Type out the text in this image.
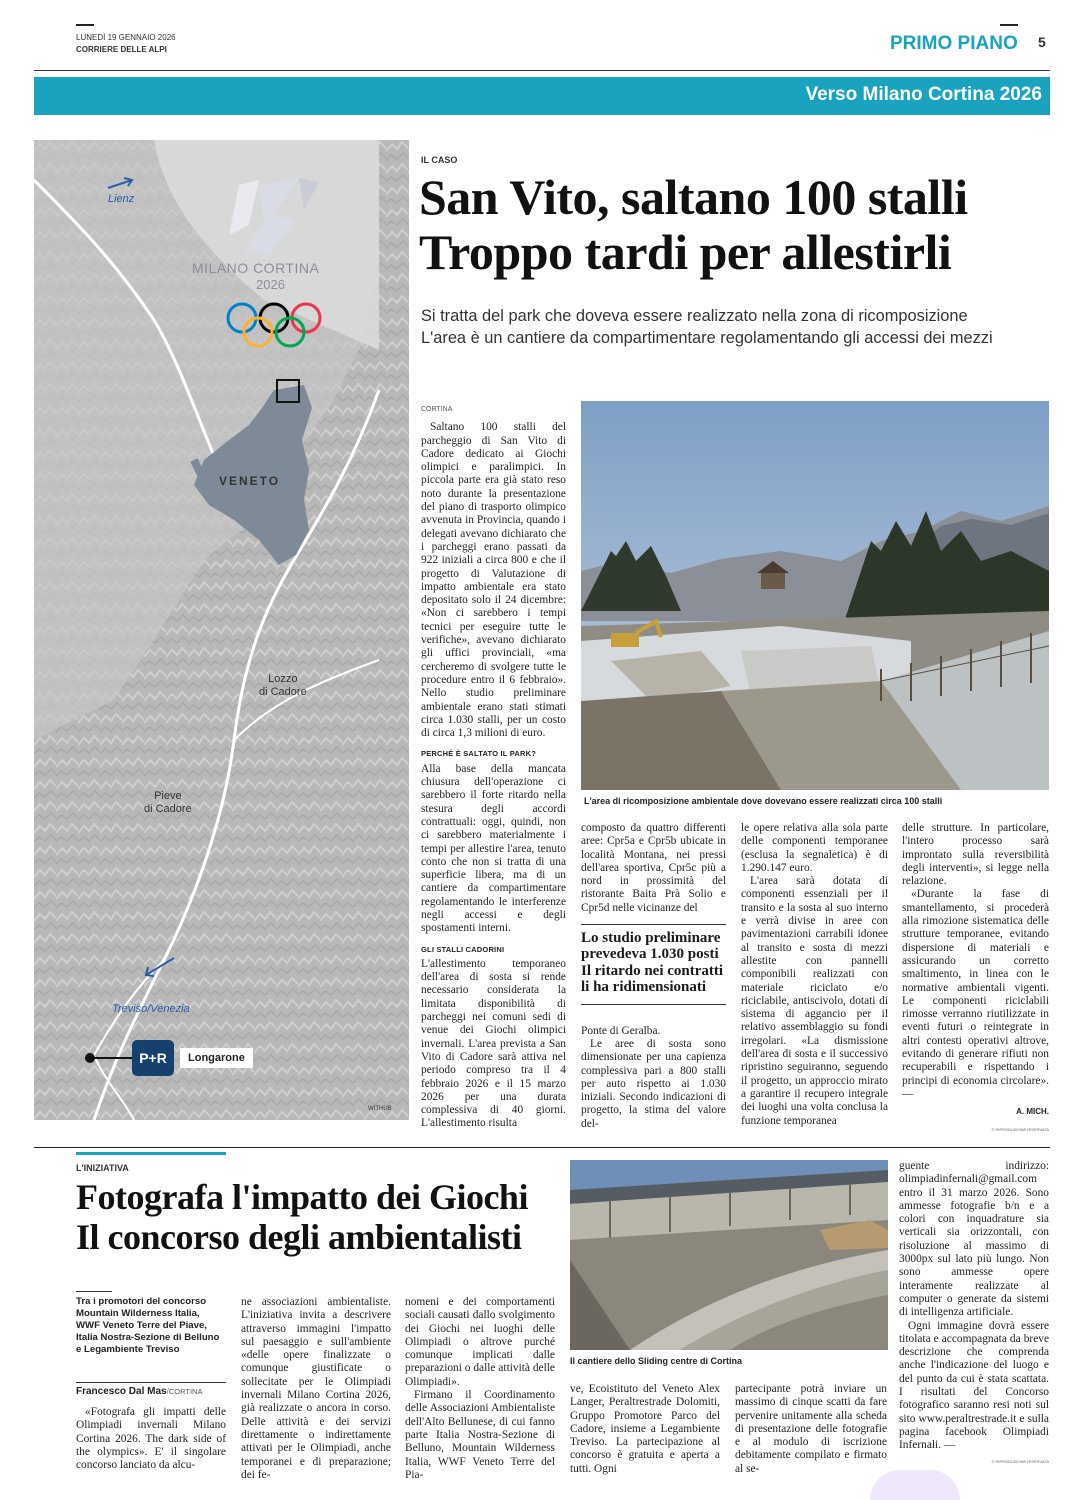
LUNEDÌ 19 GENNAIO 2026
CORRIERE DELLE ALPI	PRIMO PIANO 5
Verso Milano Cortina 2026
MILANO CORTINA
2026
Lienz
VENETO
Lozzo
di Cadore
Pieve
di Cadore
Treviso/Venezia
P+R	Longarone
WITHUB
IL CASO
San Vito, saltano 100 stalli
Troppo tardi per allestirli
Si tratta del park che doveva essere realizzato nella zona di ricomposizione
L'area è un cantiere da compartimentare regolamentando gli accessi dei mezzi
CORTINA

Saltano 100 stalli del parcheggio di San Vito di Cadore dedicato ai Giochi olimpici e paralimpici. In piccola parte era già stato reso noto durante la presentazione del piano di trasporto olimpico avvenuta in Provincia, quando i delegati avevano dichiarato che i parcheggi erano passati da 922 iniziali a circa 800 e che il progetto di Valutazione di impatto ambientale era stato depositato solo il 24 dicembre: «Non ci sarebbero i tempi tecnici per eseguire tutte le verifiche», avevano dichiarato gli uffici provinciali, «ma cercheremo di svolgere tutte le procedure entro il 6 febbraio». Nello studio preliminare ambientale erano stati stimati circa 1.030 stalli, per un costo di circa 1,3 milioni di euro.

PERCHÉ È SALTATO IL PARK?

Alla base della mancata chiusura dell'operazione ci sarebbero il forte ritardo nella stesura degli accordi contrattuali: oggi, quindi, non ci sarebbero materialmente i tempi per allestire l'area, tenuto conto che non si tratta di una superficie libera, ma di un cantiere da compartimentare regolamentando le interferenze negli accessi e degli spostamenti interni.

GLI STALLI CADORINI

L'allestimento temporaneo dell'area di sosta si rende necessario considerata la limitata disponibilità di parcheggi nei comuni sedi di venue dei Giochi olimpici invernali. L'area prevista a San Vito di Cadore sarà attiva nel periodo compreso tra il 4 febbraio 2026 e il 15 marzo 2026 per una durata complessiva di 40 giorni. L'allestimento risulta

L'area di ricomposizione ambientale dove dovevano essere realizzati circa 100 stalli

composto da quattro differenti aree: Cpr5a e Cpr5b ubicate in località Montana, nei pressi dell'area sportiva, Cpr5c più a nord in prossimità del ristorante Baita Prà Solio e Cpr5d nelle vicinanze del

Lo studio preliminare prevedeva 1.030 posti Il ritardo nei contratti li ha ridimensionati

Ponte di Geralba.

Le aree di sosta sono dimensionate per una capienza complessiva pari a 800 stalli per auto rispetto ai 1.030 iniziali. Secondo indicazioni di progetto, la stima del valore del-

le opere relativa alla sola parte delle componenti temporanee (esclusa la segnaletica) è di 1.290.147 euro.

L'area sarà dotata di componenti essenziali per il transito e la sosta al suo interno e verrà divise in aree con pavimentazioni carrabili idonee al transito e sosta di mezzi allestite con pannelli componibili realizzati con materiale riciclato e/o riciclabile, antiscivolo, dotati di sistema di aggancio per il relativo assemblaggio su fondi irregolari. «La dismissione dell'area di sosta e il successivo ripristino seguiranno, seguendo il progetto, un approccio mirato a garantire il recupero integrale dei luoghi una volta conclusa la funzione temporanea

delle strutture. In particolare, l'intero processo sarà improntato sulla reversibilità degli interventi», si legge nella relazione.

«Durante la fase di smantellamento, si procederà alla rimozione sistematica delle strutture temporanee, evitando dispersione di materiali e assicurando un corretto smaltimento, in linea con le normative ambientali vigenti. Le componenti riciclabili rimosse verranno riutilizzate in eventi futuri o reintegrate in altri contesti operativi altrove, evitando di generare rifiuti non recuperabili e rispettando i principi di economia circolare». —

A. MICH.
© RIPRODUZIONE RISERVATA
L'INIZIATIVA
Fotografa l'impatto dei Giochi
Il concorso degli ambientalisti
Tra i promotori del concorso Mountain Wilderness Italia, WWF Veneto Terre del Piave, Italia Nostra-Sezione di Belluno e Legambiente Treviso
Francesco Dal Mas/CORTINA

«Fotografa gli impatti delle Olimpiadi invernali Milano Cortina 2026. The dark side of the olympics». E' il singolare concorso lanciato da alcu-

ne associazioni ambientaliste. L'iniziativa invita a descrivere attraverso immagini l'impatto sul paesaggio e sull'ambiente «delle opere finalizzate o comunque giustificate o sollecitate per le Olimpiadi invernali Milano Cortina 2026, già realizzate o ancora in corso. Delle attività e dei servizi direttamente o indirettamente attivati per le Olimpiadi, anche temporanei e di preparazione; dei fe-

nomeni e dei comportamenti sociali causati dallo svolgimento dei Giochi nei luoghi delle Olimpiadi o altrove purché comunque implicati dalle preparazioni o dalle attività delle Olimpiadi».

Firmano il Coordinamento delle Associazioni Ambientaliste dell'Alto Bellunese, di cui fanno parte Italia Nostra-Sezione di Belluno, Mountain Wilderness Italia, WWF Veneto Terre del Pia-

Il cantiere dello Sliding centre di Cortina

ve, Ecoistituto del Veneto Alex Langer, Peraltrestrade Dolomiti, Gruppo Promotore Parco del Cadore, insieme a Legambiente Treviso. La partecipazione al concorso è gratuita e aperta a tutti. Ogni

partecipante potrà inviare un massimo di cinque scatti da fare pervenire unitamente alla scheda di presentazione delle fotografie e al modulo di iscrizione debitamente compilato e firmato al se-

guente indirizzo: olimpiadinfernali@gmail.com entro il 31 marzo 2026. Sono ammesse fotografie b/n e a colori con inquadrature sia verticali sia orizzontali, con risoluzione al massimo di 3000px sul lato più lungo. Non sono ammesse opere interamente realizzate al computer o generate da sistemi di intelligenza artificiale.

Ogni immagine dovrà essere titolata e accompagnata da breve descrizione che comprenda anche l'indicazione del luogo e del punto da cui è stata scattata. I risultati del Concorso fotografico saranno resi noti sul sito www.peraltrestrade.it e sulla pagina facebook Olimpiadi Infernali. —

© RIPRODUZIONE RISERVATA
